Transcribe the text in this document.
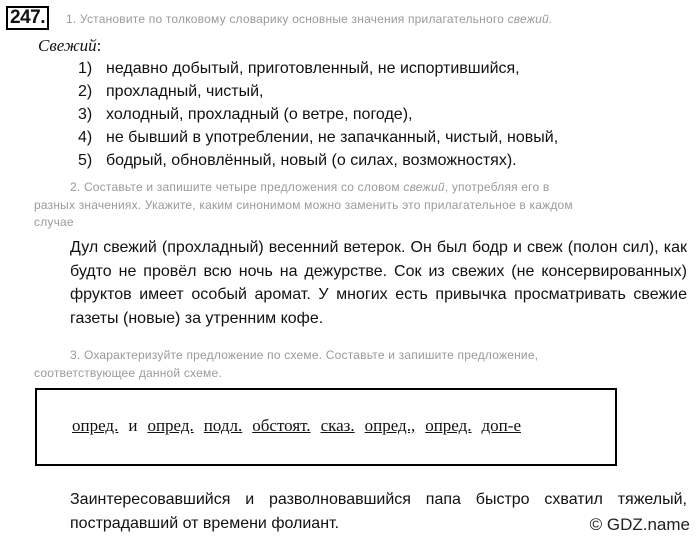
247.	1. Установите по толковому словарику основные значения прилагательного свежий.
Свежий:
1) недавно добытый, приготовленный, не испортившийся,
2) прохладный, чистый,
3) холодный, прохладный (о ветре, погоде),
4) не бывший в употреблении, не запачканный, чистый, новый,
5) бодрый, обновлённый, новый (о силах, возможностях).
2. Составьте и запишите четыре предложения со словом свежий, употребляя его в
разных значениях. Укажите, каким синонимом можно заменить это прилагательное в каждом
случае
Дул свежий (прохладный) весенний ветерок. Он был бодр и свеж (полон сил), как будто не провёл всю ночь на дежурстве. Сок из свежих (не консервированных) фруктов имеет особый аромат. У многих есть привычка просматривать свежие газеты (новые) за утренним кофе.
3. Охарактеризуйте предложение по схеме. Составьте и запишите предложение,
соответствующее данной схеме.
опред. и опред. подл. обстоят. сказ. опред., опред. доп-е
Заинтересовавшийся и разволновавшийся папа быстро схватил тяжелый, пострадавший от времени фолиант.	© GDZ.name
